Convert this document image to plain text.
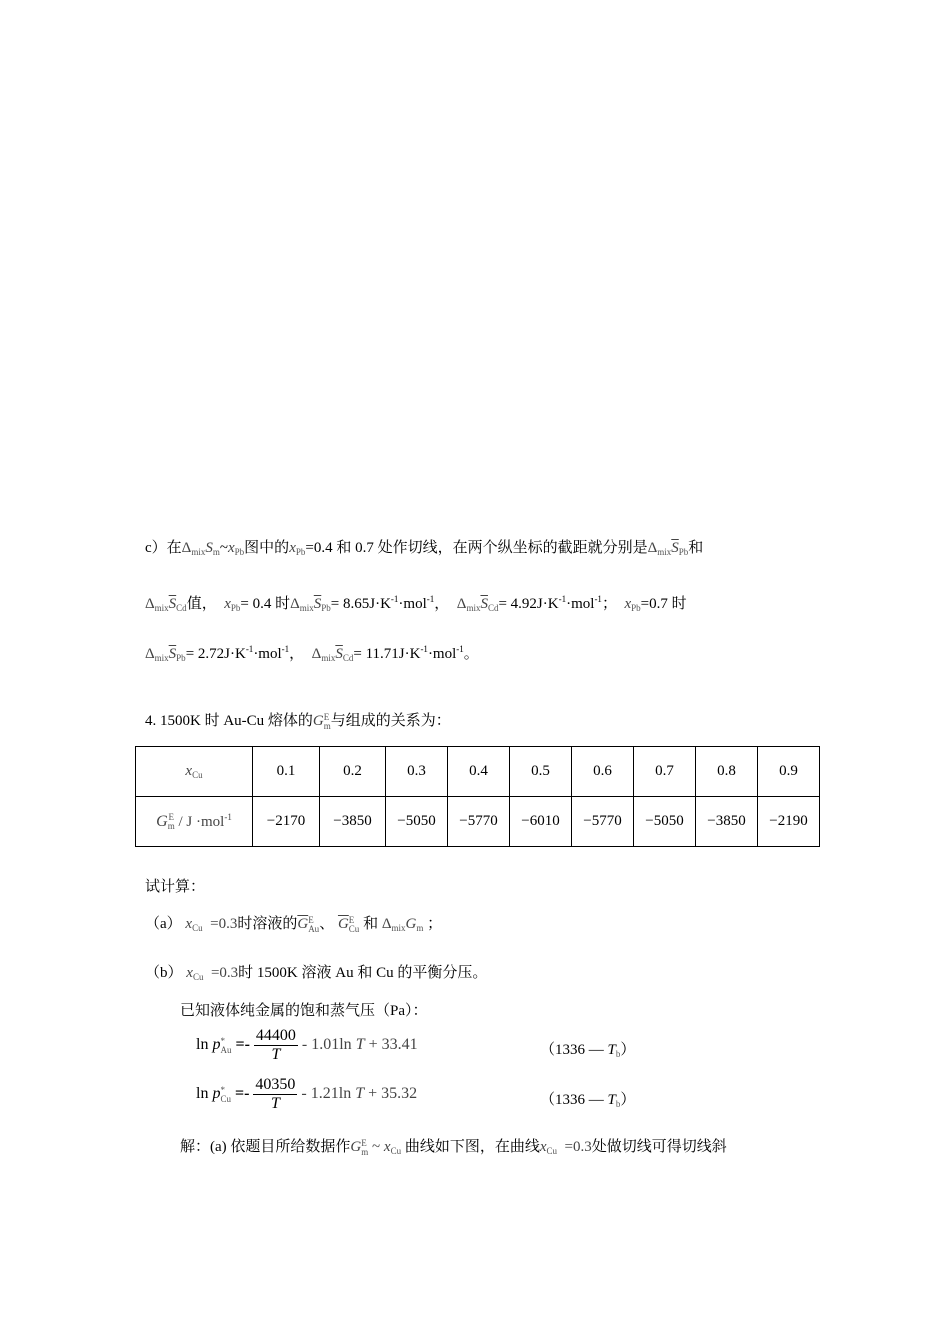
c）在$\Delta_{mix}S_m\sim x_{Pb}$图中的$x_{Pb}=0.4$ 和 0.7 处作切线，在两个纵坐标的截距就分别是$\Delta_{mix}\overline{S}_{Pb}$和
$\Delta_{mix}\overline{S}_{Cd}$值， $x_{Pb}= 0.4$ 时$\Delta_{mix}\overline{S}_{Pb}= 8.65J\cdot K^{-1}\cdot mol^{-1}$， $\Delta_{mix}\overline{S}_{Cd}= 4.92J\cdot K^{-1}\cdot mol^{-1}$； $x_{Pb}=0.7$ 时
$\Delta_{mix}\overline{S}_{Pb}= 2.72J\cdot K^{-1}\cdot mol^{-1}$， $\Delta_{mix}\overline{S}_{Cd}= 11.71J\cdot K^{-1}\cdot mol^{-1}$。
4. 1500K 时 Au-Cu 熔体的G E
m 与组成的关系为：
$x_{Cu}$	0.1	0.2	0.3	0.4	0.5	0.6	0.7	0.8	0.9
G E
m / J ·mol$^{-1}$	−2170	−3850	−5050	−5770	−6010	−5770	−5050	−3850	−2190
试计算：
（a） $x_{Cu} =0.3$时溶液的$\overline{G}$ E
Au 、 $\overline{G}$ E
Cu 和 $\Delta_{mix}G_m$ ；
（b） $x_{Cu} =0.3$时 1500K 溶液 Au 和 Cu 的平衡分压。
已知液体纯金属的饱和蒸气压（Pa）：
ln p *
$Au =- \frac{44400}{T} - 1.01\ln$ T + 33.41	（1336 — $T_b$）
ln p *
$Cu =- \frac{40350}{T} - 1.21\ln$ T + 35.32	（1336 — $T_b$）
解：(a) 依题目所给数据作G E
m ~ $x_{Cu}$ 曲线如下图，在曲线$x_{Cu} =0.3$处做切线可得切线斜
